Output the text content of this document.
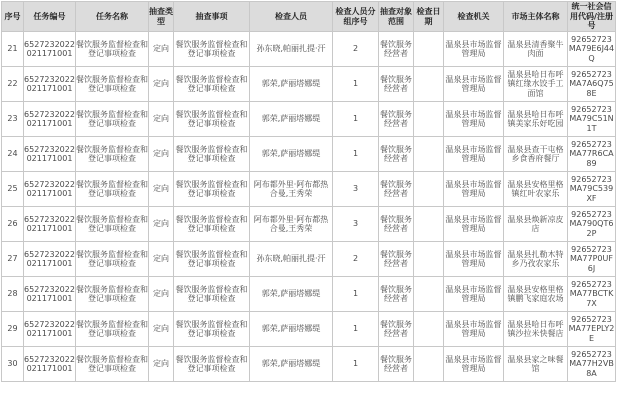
序号	任务编号	任务名称	抽查类型	抽查事项	检查人员	检查人员分组序号	抽查对象范围	检查日期	检查机关	市场主体名称	统一社会信用代码/注册号
21	6527232022021171001	餐饮服务监督检查和登记事项检查	定向	餐饮服务监督检查和登记事项检查	孙东晓,帕丽扎提·汗	2	餐饮服务经营者		温泉县市场监督管理局	温泉县清香聚牛肉面	92652723MA79E6J44Q
22	6527232022021171001	餐饮服务监督检查和登记事项检查	定向	餐饮服务监督检查和登记事项检查	郭荣,萨丽塔娜缇	1	餐饮服务经营者		温泉县市场监督管理局	温泉县哈日布呼镇红缘水饺手工面馆	92652723MA7A6Q758E
23	6527232022021171001	餐饮服务监督检查和登记事项检查	定向	餐饮服务监督检查和登记事项检查	郭荣,萨丽塔娜缇	1	餐饮服务经营者		温泉县市场监督管理局	温泉县哈日布呼镇美家乐好吃园	92652723MA79C51N1T
24	6527232022021171001	餐饮服务监督检查和登记事项检查	定向	餐饮服务监督检查和登记事项检查	郭荣,萨丽塔娜缇	1	餐饮服务经营者		温泉县市场监督管理局	温泉县查干屯格乡食香府餐厅	92652723MA77R6CA89
25	6527232022021171001	餐饮服务监督检查和登记事项检查	定向	餐饮服务监督检查和登记事项检查	阿布都外里·阿布都热合曼,王秀荣	3	餐饮服务经营者		温泉县市场监督管理局	温泉县安格里格镇红叶农家乐	92652723MA79C539XF
26	6527232022021171001	餐饮服务监督检查和登记事项检查	定向	餐饮服务监督检查和登记事项检查	阿布都外里·阿布都热合曼,王秀荣	3	餐饮服务经营者		温泉县市场监督管理局	温泉县焕新凉皮店	92652723MA790QT62P
27	6527232022021171001	餐饮服务监督检查和登记事项检查	定向	餐饮服务监督检查和登记事项检查	孙东晓,帕丽扎提·汗	2	餐饮服务经营者		温泉县市场监督管理局	温泉县扎勒木特乡乃孜农家乐	92652723MA77P0UF6J
28	6527232022021171001	餐饮服务监督检查和登记事项检查	定向	餐饮服务监督检查和登记事项检查	郭荣,萨丽塔娜缇	1	餐饮服务经营者		温泉县市场监督管理局	温泉县安格里格镇鹏飞家庭农场	92652723MA77BCTK7X
29	6527232022021171001	餐饮服务监督检查和登记事项检查	定向	餐饮服务监督检查和登记事项检查	郭荣,萨丽塔娜缇	1	餐饮服务经营者		温泉县市场监督管理局	温泉县哈日布呼镇沙拉米快餐店	92652723MA77EPLY2E
30	6527232022021171001	餐饮服务监督检查和登记事项检查	定向	餐饮服务监督检查和登记事项检查	郭荣,萨丽塔娜缇	1	餐饮服务经营者		温泉县市场监督管理局	温泉县家之味餐馆	92652723MA77H2VB8A
